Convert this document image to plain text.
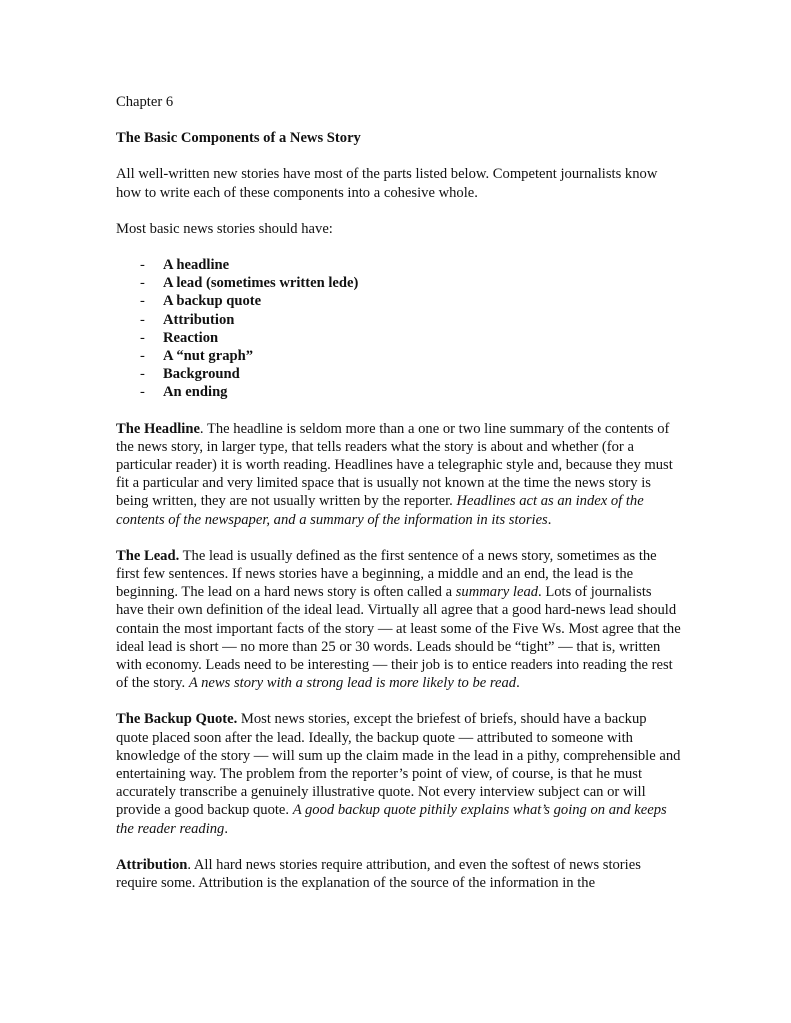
Chapter 6

The Basic Components of a News Story

All well-written new stories have most of the parts listed below. Competent journalists know how to write each of these components into a cohesive whole.

Most basic news stories should have:

- A headline
- A lead (sometimes written lede)
- A backup quote
- Attribution
- Reaction
- A “nut graph”
- Background
- An ending

The Headline. The headline is seldom more than a one or two line summary of the contents of the news story, in larger type, that tells readers what the story is about and whether (for a particular reader) it is worth reading. Headlines have a telegraphic style and, because they must fit a particular and very limited space that is usually not known at the time the news story is being written, they are not usually written by the reporter. Headlines act as an index of the contents of the newspaper, and a summary of the information in its stories.

The Lead. The lead is usually defined as the first sentence of a news story, sometimes as the first few sentences. If news stories have a beginning, a middle and an end, the lead is the beginning. The lead on a hard news story is often called a summary lead. Lots of journalists have their own definition of the ideal lead. Virtually all agree that a good hard-news lead should contain the most important facts of the story — at least some of the Five Ws. Most agree that the ideal lead is short — no more than 25 or 30 words. Leads should be “tight” — that is, written with economy. Leads need to be interesting — their job is to entice readers into reading the rest of the story. A news story with a strong lead is more likely to be read.

The Backup Quote. Most news stories, except the briefest of briefs, should have a backup quote placed soon after the lead. Ideally, the backup quote — attributed to someone with knowledge of the story — will sum up the claim made in the lead in a pithy, comprehensible and entertaining way. The problem from the reporter’s point of view, of course, is that he must accurately transcribe a genuinely illustrative quote. Not every interview subject can or will provide a good backup quote. A good backup quote pithily explains what’s going on and keeps the reader reading.

Attribution. All hard news stories require attribution, and even the softest of news stories require some. Attribution is the explanation of the source of the information in the
